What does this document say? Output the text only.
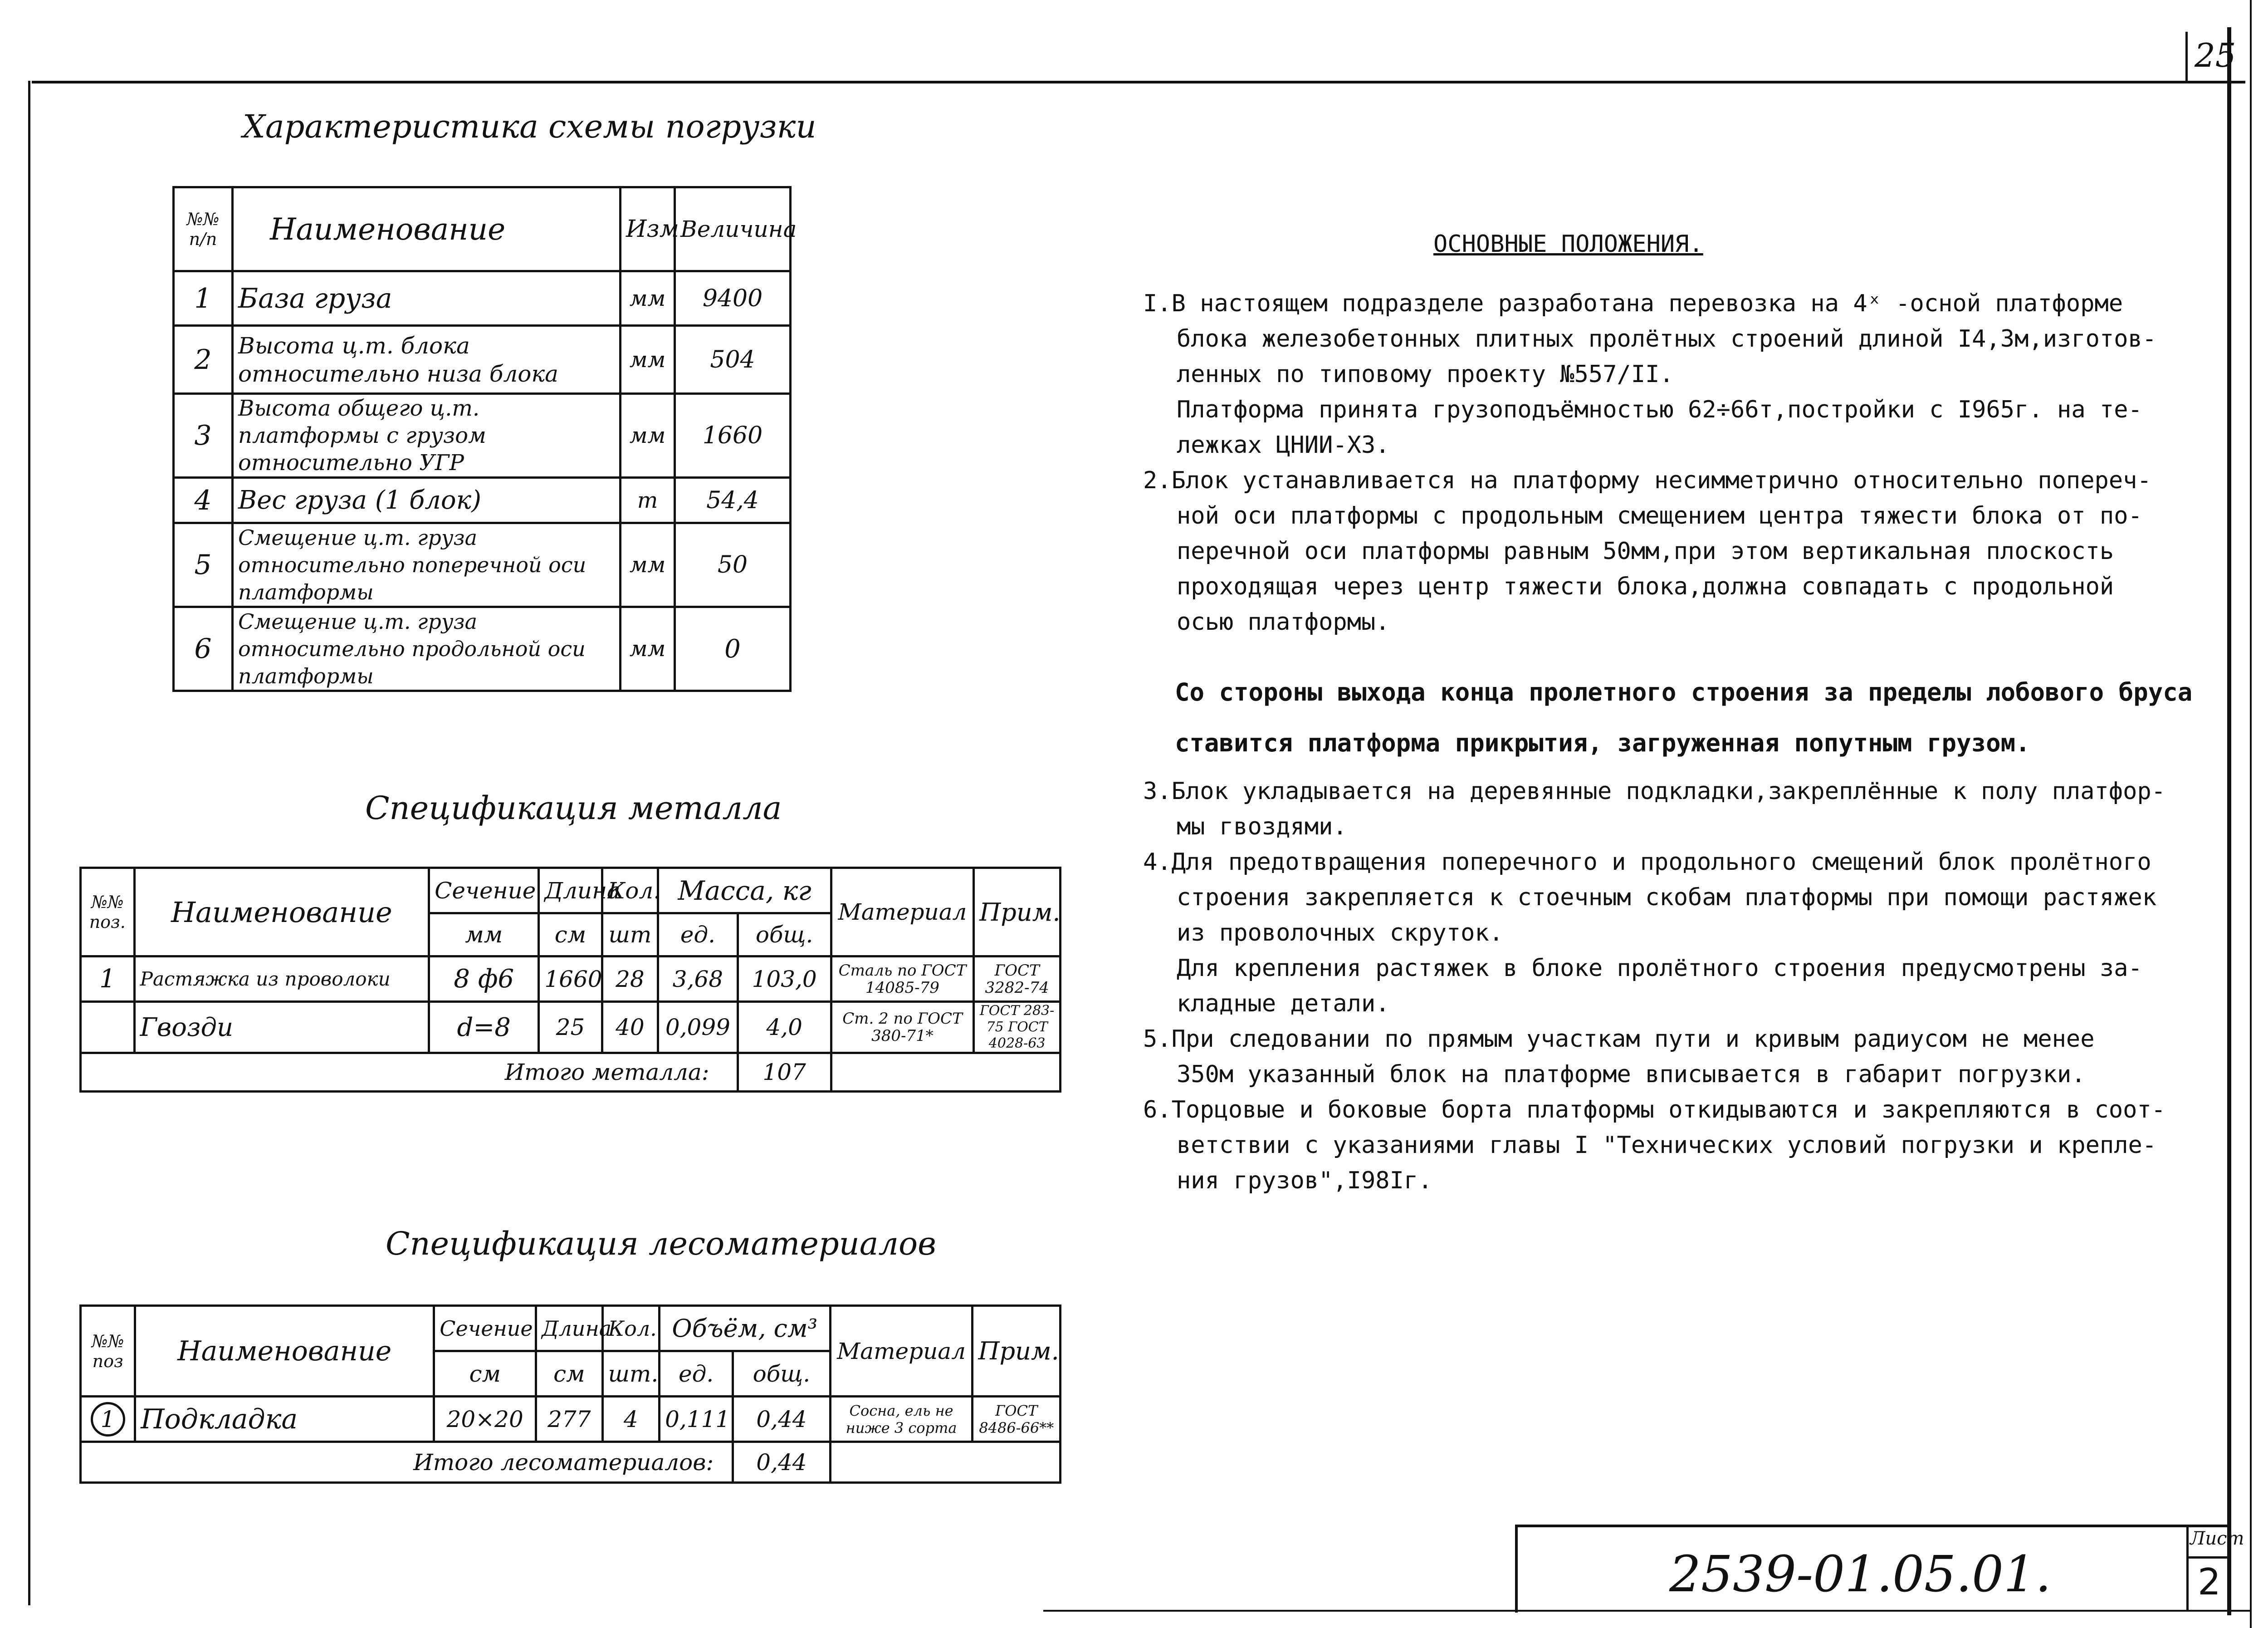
25
Характеристика схемы погрузки
№№ п/п	Наименование	Изм	Величина
1	База груза	мм	9400
2	Высота ц.т. блока относительно низа блока	мм	504
3	Высота общего ц.т. платформы с грузом относительно УГР	мм	1660
4	Вес груза (1 блок)	т	54,4
5	Смещение ц.т. груза относительно поперечной оси платформы	мм	50
6	Смещение ц.т. груза относительно продольной оси платформы	мм	0
Спецификация металла
№№ поз.	Наименование	Сечение	Длина	Кол.	Масса, кг		Материал	Прим.
		мм	см	шт	ед.	общ.		
1	Растяжка из проволоки	8 ф6	1660	28	3,68	103,0	Сталь по ГОСТ 14085-79	ГОСТ 3282-74
	Гвозди	d=8	25	40	0,099	4,0	Ст. 2 по ГОСТ 380-71*	ГОСТ 283-75 ГОСТ 4028-63
Итого металла:						107		
Спецификация лесоматериалов
№№ поз	Наименование	Сечение	Длина	Кол.	Объём, см³		Материал	Прим.
		см	см	шт.	ед.	общ.		
1	Подкладка	20×20	277	4	0,111	0,44	Сосна, ель не ниже 3 сорта	ГОСТ 8486-66**
Итого лесоматериалов:						0,44		
ОСНОВНЫЕ ПОЛОЖЕНИЯ.

I.В настоящем подразделе разработана перевозка на 4ˣ -осной платформе

блока железобетонных плитных пролётных строений длиной I4,3м,изготов-

ленных по типовому проекту №557/II.

Платформа принята грузоподъёмностью 62÷66т,постройки с I965г. на те-

лежках ЦНИИ-Х3.

2.Блок устанавливается на платформу несимметрично относительно попереч-

ной оси платформы с продольным смещением центра тяжести блока от по-

перечной оси платформы равным 50мм,при этом вертикальная плоскость

проходящая через центр тяжести блока,должна совпадать с продольной

осью платформы.

Со стороны выхода конца пролетного строения за пределы лобового бруса

ставится платформа прикрытия, загруженная попутным грузом.

3.Блок укладывается на деревянные подкладки,закреплённые к полу платфор-

мы гвоздями.

4.Для предотвращения поперечного и продольного смещений блок пролётного

строения закрепляется к стоечным скобам платформы при помощи растяжек

из проволочных скруток.

Для крепления растяжек в блоке пролётного строения предусмотрены за-

кладные детали.

5.При следовании по прямым участкам пути и кривым радиусом не менее

350м указанный блок на платформе вписывается в габарит погрузки.

6.Торцовые и боковые борта платформы откидываются и закрепляются в соот-

ветствии с указаниями главы I "Технических условий погрузки и крепле-

ния грузов",I98Iг.

2539-01.05.01.
Лист
2
